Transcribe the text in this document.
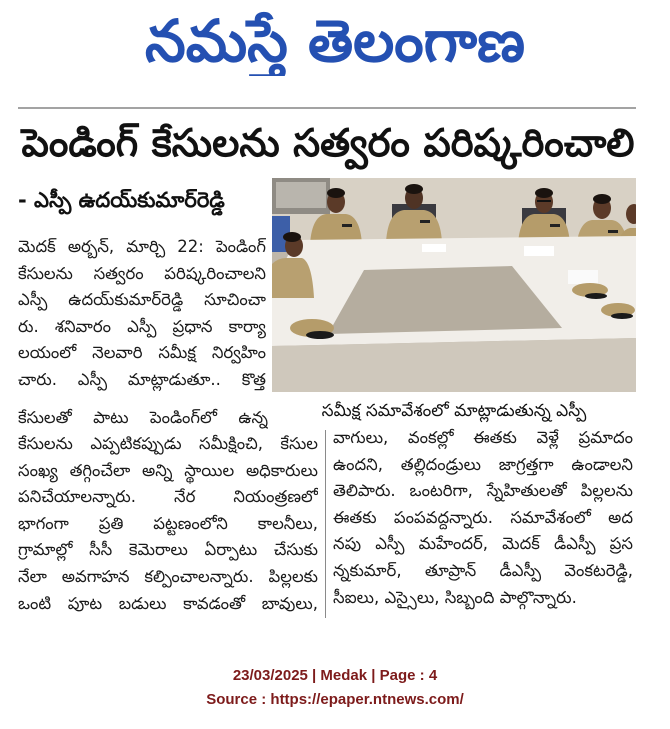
నమస్తే తెలంగాణ
పెండింగ్ కేసులను సత్వరం పరిష్కరించాలి
- ఎస్పీ ఉదయ్‌కుమార్‌రెడ్డి
సమీక్ష సమావేశంలో మాట్లాడుతున్న ఎస్పీ
మెదక్ అర్బన్, మార్చి 22: పెండింగ్
కేసులను సత్వరం పరిష్కరించాలని
ఎస్పీ ఉదయ్‌కుమార్‌రెడ్డి సూచించా
రు. శనివారం ఎస్పీ ప్రధాన కార్యా
లయంలో నెలవారి సమీక్ష నిర్వహిం
చారు. ఎస్పీ మాట్లాడుతూ.. కొత్త
కేసులతో పాటు పెండింగ్‌లో ఉన్న
కేసులను ఎప్పటికప్పుడు సమీక్షించి, కేసుల
సంఖ్య తగ్గించేలా అన్ని స్థాయిల అధికారులు
పనిచేయాలన్నారు. నేర నియంత్రణలో
భాగంగా ప్రతి పట్టణంలోని కాలనీలు,
గ్రామాల్లో సీసీ కెమెరాలు ఏర్పాటు చేసుకు
నేలా అవగాహన కల్పించాలన్నారు. పిల్లలకు
ఒంటి పూట బడులు కావడంతో బావులు,
వాగులు, వంకల్లో ఈతకు వెళ్లే ప్రమాదం
ఉందని, తల్లిదండ్రులు జాగ్రత్తగా ఉండాలని
తెలిపారు. ఒంటరిగా, స్నేహితులతో పిల్లలను
ఈతకు పంపవద్దన్నారు. సమావేశంలో అద
నపు ఎస్పీ మహేందర్, మెదక్ డీఎస్పీ ప్రస
న్నకుమార్, తూప్రాన్ డీఎస్పీ వెంకటరెడ్డి,
సీఐలు, ఎస్సైలు, సిబ్బంది పాల్గొన్నారు.
23/03/2025 | Medak | Page : 4
Source : https://epaper.ntnews.com/
